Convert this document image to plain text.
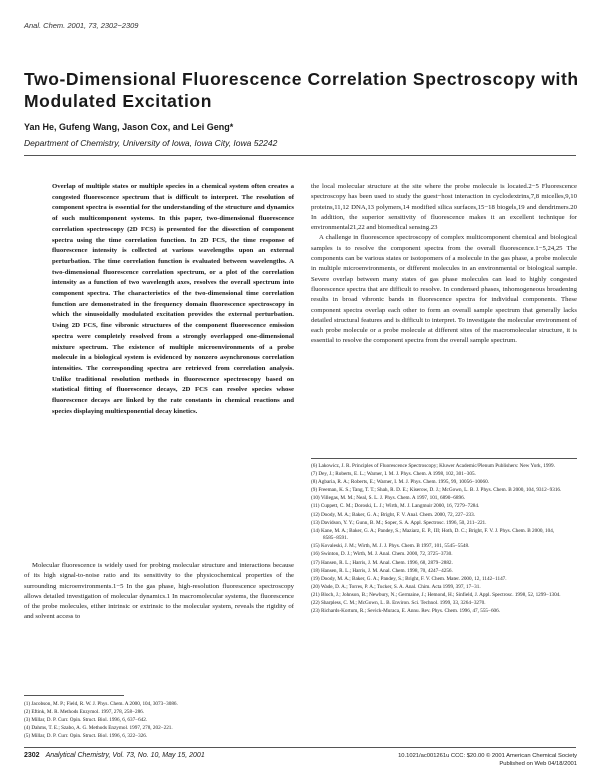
Anal. Chem. 2001, 73, 2302−2309
Two-Dimensional Fluorescence Correlation Spectroscopy with Modulated Excitation
Yan He, Gufeng Wang, Jason Cox, and Lei Geng*
Department of Chemistry, University of Iowa, Iowa City, Iowa 52242

Overlap of multiple states or multiple species in a chemical system often creates a congested fluorescence spectrum that is difficult to interpret. The resolution of component spectra is essential for the understanding of the structure and dynamics of such multicomponent systems. In this paper, two-dimensional fluorescence correlation spectroscopy (2D FCS) is presented for the dissection of component spectra using the time correlation function. In 2D FCS, the time response of fluorescence intensity is collected at various wavelengths upon an external perturbation. The time correlation function is evaluated between wavelengths. A two-dimensional fluorescence correlation spectrum, or a plot of the correlation intensity as a function of two wavelength axes, resolves the overall spectrum into component spectra. The characteristics of the two-dimensional time correlation function are demonstrated in the frequency domain fluorescence spectroscopy in which the sinusoidally modulated excitation provides the external perturbation. Using 2D FCS, fine vibronic structures of the component fluorescence emission spectra were completely resolved from a strongly overlapped one-dimensional mixture spectrum. The existence of multiple microenvironments of a probe molecule in a biological system is evidenced by nonzero asynchronous correlation intensities. The corresponding spectra are retrieved from correlation analysis. Unlike traditional resolution methods in fluorescence spectroscopy based on statistical fitting of fluorescence decays, 2D FCS can resolve species whose fluorescence decays are linked by the rate constants in chemical reactions and species displaying multiexponential decay kinetics.

Molecular fluorescence is widely used for probing molecular structure and interactions because of its high signal-to-noise ratio and its sensitivity to the physicochemical properties of the surrounding microenvironments.1−5 In the gas phase, high-resolution fluorescence spectroscopy allows detailed investigation of molecular dynamics.1 In macromolecular systems, the fluorescence of the probe molecules, either intrinsic or extrinsic to the molecular system, reveals the rigidity of and solvent access to

the local molecular structure at the site where the probe molecule is located.2−5 Fluorescence spectroscopy has been used to study the guest−host interaction in cyclodextrins,7,8 micelles,9,10 proteins,11,12 DNA,13 polymers,14 modified silica surfaces,15−18 biogels,19 and dendrimers.20 In addition, the superior sensitivity of fluorescence makes it an excellent technique for environmental21,22 and biomedical sensing.23

A challenge in fluorescence spectroscopy of complex multicomponent chemical and biological samples is to resolve the component spectra from the overall fluorescence.1−5,24,25 The components can be various states or isotopomers of a molecule in the gas phase, a probe molecule in multiple microenvironments, or different molecules in an environmental or biological sample. Severe overlap between many states of gas phase molecules can lead to highly congested fluorescence spectra that are difficult to resolve. In condensed phases, inhomogeneous broadening results in broad vibronic bands in fluorescence spectra for individual components. These component spectra overlap each other to form an overall sample spectrum that generally lacks detailed structural features and is difficult to interpret. To investigate the molecular environment of each probe molecule or a probe molecule at different sites of the macromolecular structure, it is essential to resolve the component spectra from the overall sample spectrum.

(1) Jacobson, M. P.; Field, R. W. J. Phys. Chem. A 2000, 104, 3073−3086.
(2) Eftink, M. R. Methods Enzymol. 1997, 278, 258−286.
(3) Millar, D. P. Curr. Opin. Struct. Biol. 1996, 6, 637−642.
(4) Dahms, T. E.; Szabo, A. G. Methods Enzymol. 1997, 278, 202−221.
(5) Millar, D. P. Curr. Opin. Struct. Biol. 1996, 6, 322−326.
(6) Lakowicz, J. R. Principles of Fluorescence Spectroscopy; Kluwer Academic/Plenum Publishers: New York, 1999.
(7) Dey, J.; Roberts, E. L.; Warner, I. M. J. Phys. Chem. A 1998, 102, 301−305.
(8) Agbaria, R. A.; Roberts, E.; Warner, I. M. J. Phys. Chem. 1995, 99, 10056−10060.
(9) Freeman, K. S.; Tang, T. T.; Shah, R. D. E.; Kiserow, D. J.; McGown, L. B. J. Phys. Chem. B 2000, 104, 9312−9316.
(10) Villegas, M. M.; Neal, S. L. J. Phys. Chem. A 1997, 101, 6890−6896.
(11) Cuppett, C. M.; Doroski, L. J.; Wirth, M. J. Langmuir 2000, 16, 7279−7284.
(12) Doody, M. A.; Baker, G. A.; Bright, F. V. Anal. Chem. 2000, 72, 227−233.
(13) Davidson, Y. Y.; Gunn, B. M.; Soper, S. A. Appl. Spectrosc. 1996, 50, 211−221.
(14) Kane, M. A.; Baker, G. A.; Pandey, S.; Maziarz, E. P., III; Hoth, D. C.; Bright, F. V. J. Phys. Chem. B 2000, 104, 8585−8591.
(15) Kovaleski, J. M.; Wirth, M. J. J. Phys. Chem. B 1997, 101, 5545−5548.
(16) Swinton, D. J.; Wirth, M. J. Anal. Chem. 2000, 72, 3725−3730.
(17) Hansen, R. L.; Harris, J. M. Anal. Chem. 1996, 68, 2879−2882.
(18) Hansen, R. L.; Harris, J. M. Anal. Chem. 1998, 70, 4247−4256.
(19) Doody, M. A.; Baker, G. A.; Pandey, S.; Bright, F. V. Chem. Mater. 2000, 12, 1142−1147.
(20) Wade, D. A.; Torres, P. A.; Tucker, S. A. Anal. Chim. Acta 1999, 397, 17−31.
(21) Bloch, J.; Johnson, B.; Newbury, N.; Germaine, J.; Hemond, H.; Sinfield, J. Appl. Spectrosc. 1998, 52, 1299−1304.
(22) Sharpless, C. M.; McGown, L. B. Environ. Sci. Technol. 1999, 33, 3264−3270.
(23) Richards-Kortum, R.; Sevick-Muraca, E. Annu. Rev. Phys. Chem. 1996, 47, 555−606.
2302 Analytical Chemistry, Vol. 73, No. 10, May 15, 2001	10.1021/ac001261u CCC: $20.00 © 2001 American Chemical Society
Published on Web 04/18/2001
